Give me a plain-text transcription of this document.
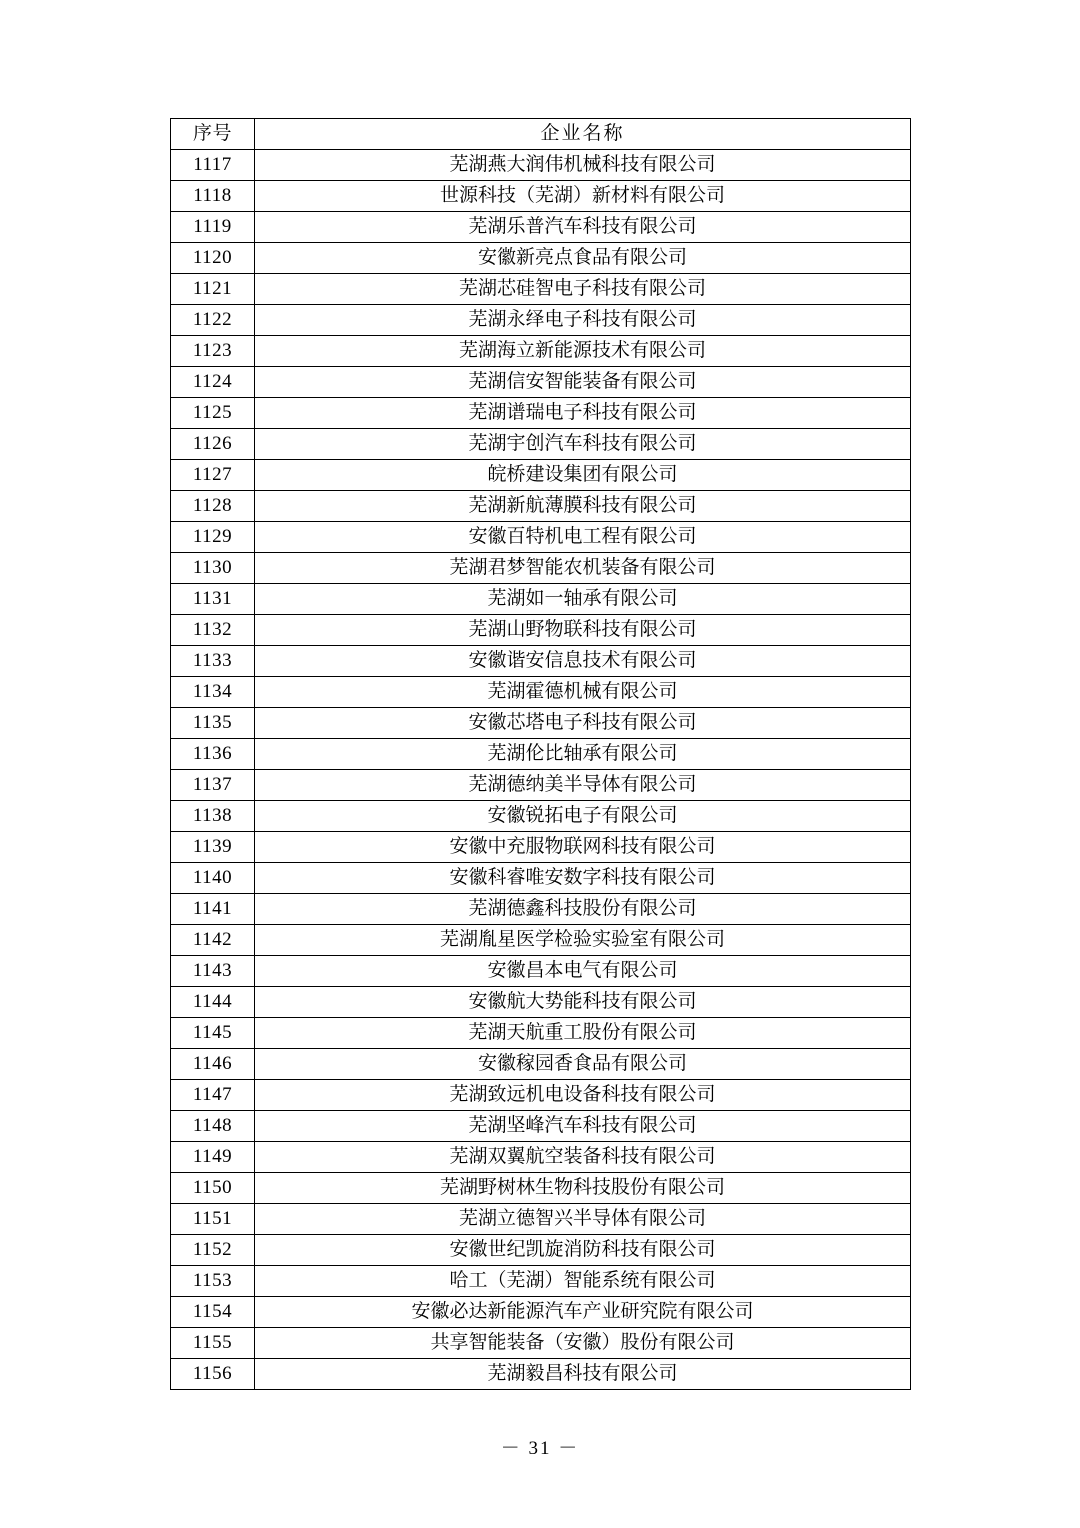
序号	企业名称
1117	芜湖燕大润伟机械科技有限公司
1118	世源科技（芜湖）新材料有限公司
1119	芜湖乐普汽车科技有限公司
1120	安徽新亮点食品有限公司
1121	芜湖芯硅智电子科技有限公司
1122	芜湖永绎电子科技有限公司
1123	芜湖海立新能源技术有限公司
1124	芜湖信安智能装备有限公司
1125	芜湖谱瑞电子科技有限公司
1126	芜湖宇创汽车科技有限公司
1127	皖桥建设集团有限公司
1128	芜湖新航薄膜科技有限公司
1129	安徽百特机电工程有限公司
1130	芜湖君梦智能农机装备有限公司
1131	芜湖如一轴承有限公司
1132	芜湖山野物联科技有限公司
1133	安徽谐安信息技术有限公司
1134	芜湖霍德机械有限公司
1135	安徽芯塔电子科技有限公司
1136	芜湖伦比轴承有限公司
1137	芜湖德纳美半导体有限公司
1138	安徽锐拓电子有限公司
1139	安徽中充服物联网科技有限公司
1140	安徽科睿唯安数字科技有限公司
1141	芜湖德鑫科技股份有限公司
1142	芜湖胤星医学检验实验室有限公司
1143	安徽昌本电气有限公司
1144	安徽航大势能科技有限公司
1145	芜湖天航重工股份有限公司
1146	安徽稼园香食品有限公司
1147	芜湖致远机电设备科技有限公司
1148	芜湖坚峰汽车科技有限公司
1149	芜湖双翼航空装备科技有限公司
1150	芜湖野树林生物科技股份有限公司
1151	芜湖立德智兴半导体有限公司
1152	安徽世纪凯旋消防科技有限公司
1153	哈工（芜湖）智能系统有限公司
1154	安徽必达新能源汽车产业研究院有限公司
1155	共享智能装备（安徽）股份有限公司
1156	芜湖毅昌科技有限公司
－ 31 －
